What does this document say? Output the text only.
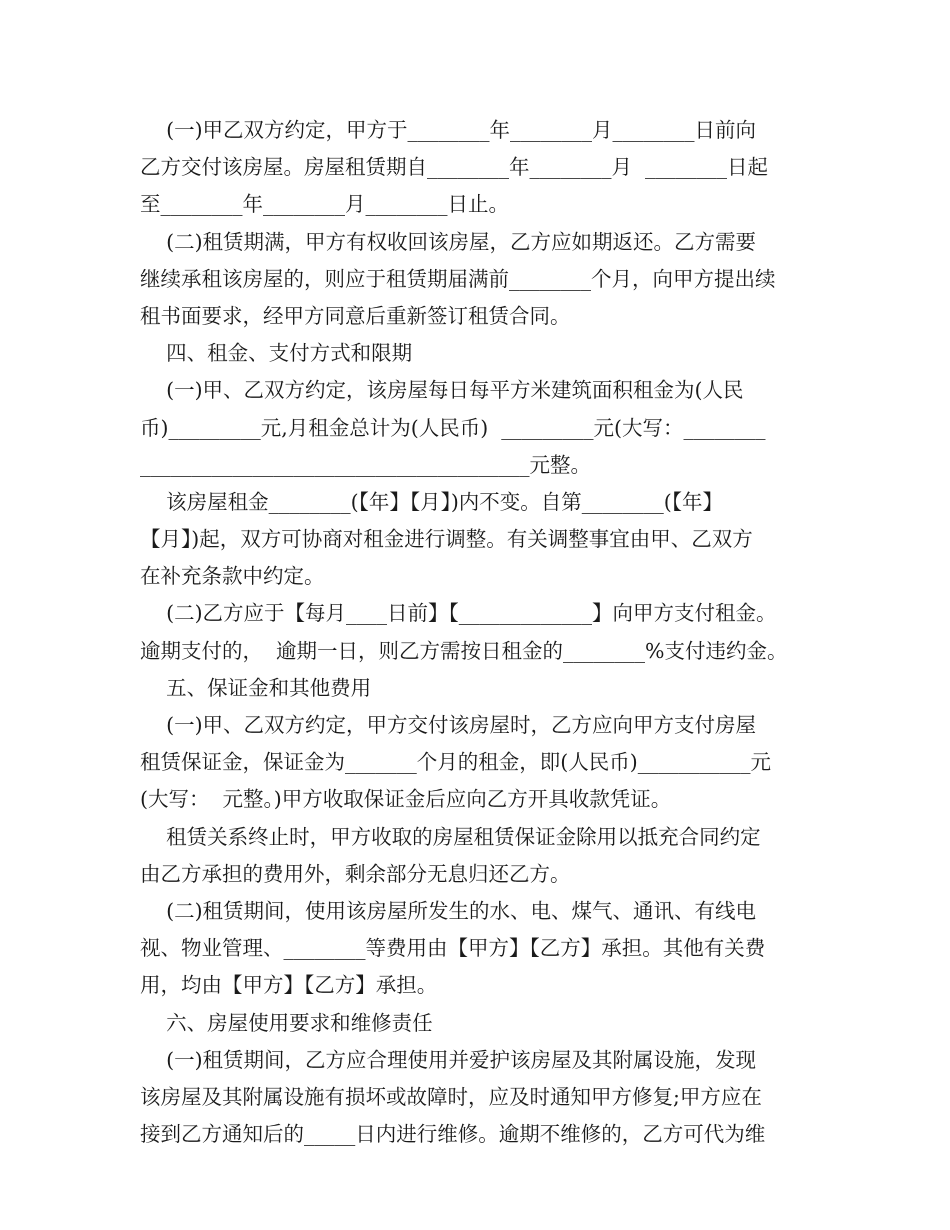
(一)甲乙双方约定，甲方于________年________月________日前向
乙方交付该房屋。房屋租赁期自________年________月  ________日起
至________年________月________日止。
(二)租赁期满，甲方有权收回该房屋，乙方应如期返还。乙方需要
继续承租该房屋的，则应于租赁期届满前________个月，向甲方提出续
租书面要求，经甲方同意后重新签订租赁合同。
四、租金、支付方式和限期
(一)甲、乙双方约定，该房屋每日每平方米建筑面积租金为(人民
币)_________元,月租金总计为(人民币)  _________元(大写：________
______________________________________元整。
该房屋租金________(【年】【月】)内不变。自第________(【年】
【月】)起，双方可协商对租金进行调整。有关调整事宜由甲、乙双方
在补充条款中约定。
(二)乙方应于【每月____日前】【_____________】向甲方支付租金。
逾期支付的，  逾期一日，则乙方需按日租金的________%支付违约金。
五、保证金和其他费用
(一)甲、乙双方约定，甲方交付该房屋时，乙方应向甲方支付房屋
租赁保证金，保证金为_______个月的租金，即(人民币)___________元
(大写：  元整。)甲方收取保证金后应向乙方开具收款凭证。
租赁关系终止时，甲方收取的房屋租赁保证金除用以抵充合同约定
由乙方承担的费用外，剩余部分无息归还乙方。
(二)租赁期间，使用该房屋所发生的水、电、煤气、通讯、有线电
视、物业管理、________等费用由【甲方】【乙方】承担。其他有关费
用，均由【甲方】【乙方】承担。
六、房屋使用要求和维修责任
(一)租赁期间，乙方应合理使用并爱护该房屋及其附属设施，发现
该房屋及其附属设施有损坏或故障时，应及时通知甲方修复;甲方应在
接到乙方通知后的_____日内进行维修。逾期不维修的，乙方可代为维
